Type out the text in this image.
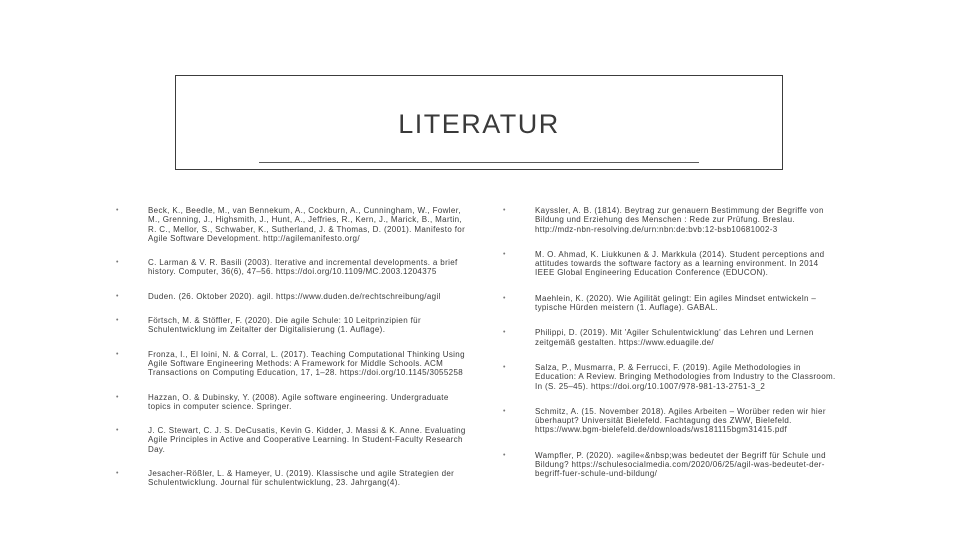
LITERATUR
•	Beck, K., Beedle, M., van Bennekum, A., Cockburn, A., Cunningham, W., Fowler, M., Grenning, J., Highsmith, J., Hunt, A., Jeffries, R., Kern, J., Marick, B., Martin, R. C., Mellor, S., Schwaber, K., Sutherland, J. & Thomas, D. (2001). Manifesto for Agile Software Development. http://agilemanifesto.org/
•	C. Larman & V. R. Basili (2003). Iterative and incremental developments. a brief history. Computer, 36(6), 47–56. https://doi.org/10.1109/MC.2003.1204375
•	Duden. (26. Oktober 2020). agil. https://www.duden.de/rechtschreibung/agil
•	Förtsch, M. & Stöffler, F. (2020). Die agile Schule: 10 Leitprinzipien für Schulentwicklung im Zeitalter der Digitalisierung (1. Auflage).
•	Fronza, I., El Ioini, N. & Corral, L. (2017). Teaching Computational Thinking Using Agile Software Engineering Methods: A Framework for Middle Schools. ACM Transactions on Computing Education, 17, 1–28. https://doi.org/10.1145/3055258
•	Hazzan, O. & Dubinsky, Y. (2008). Agile software engineering. Undergraduate topics in computer science. Springer.
•	J. C. Stewart, C. J. S. DeCusatis, Kevin G. Kidder, J. Massi & K. Anne. Evaluating Agile Principles in Active and Cooperative Learning. In Student-Faculty Research Day.
•	Jesacher-Rößler, L. & Hameyer, U. (2019). Klassische und agile Strategien der Schulentwicklung. Journal für schulentwicklung, 23. Jahrgang(4).
•	Kayssler, A. B. (1814). Beytrag zur genauern Bestimmung der Begriffe von Bildung und Erziehung des Menschen : Rede zur Prüfung. Breslau. http://mdz-nbn-resolving.de/urn:nbn:de:bvb:12-bsb10681002-3
•	M. O. Ahmad, K. Liukkunen & J. Markkula (2014). Student perceptions and attitudes towards the software factory as a learning environment. In 2014 IEEE Global Engineering Education Conference (EDUCON).
•	Maehlein, K. (2020). Wie Agilität gelingt: Ein agiles Mindset entwickeln – typische Hürden meistern (1. Auflage). GABAL.
•	Philippi, D. (2019). Mit 'Agiler Schulentwicklung' das Lehren und Lernen zeitgemäß gestalten. https://www.eduagile.de/
•	Salza, P., Musmarra, P. & Ferrucci, F. (2019). Agile Methodologies in Education: A Review. Bringing Methodologies from Industry to the Classroom. In (S. 25–45). https://doi.org/10.1007/978-981-13-2751-3_2
•	Schmitz, A. (15. November 2018). Agiles Arbeiten – Worüber reden wir hier überhaupt? Universität Bielefeld. Fachtagung des ZWW, Bielefeld. https://www.bgm-bielefeld.de/downloads/ws181115bgm31415.pdf
•	Wampfler, P. (2020). »agile«&nbsp;was bedeutet der Begriff für Schule und Bildung? https://schulesocialmedia.com/2020/06/25/agil-was-bedeutet-der-begriff-fuer-schule-und-bildung/
